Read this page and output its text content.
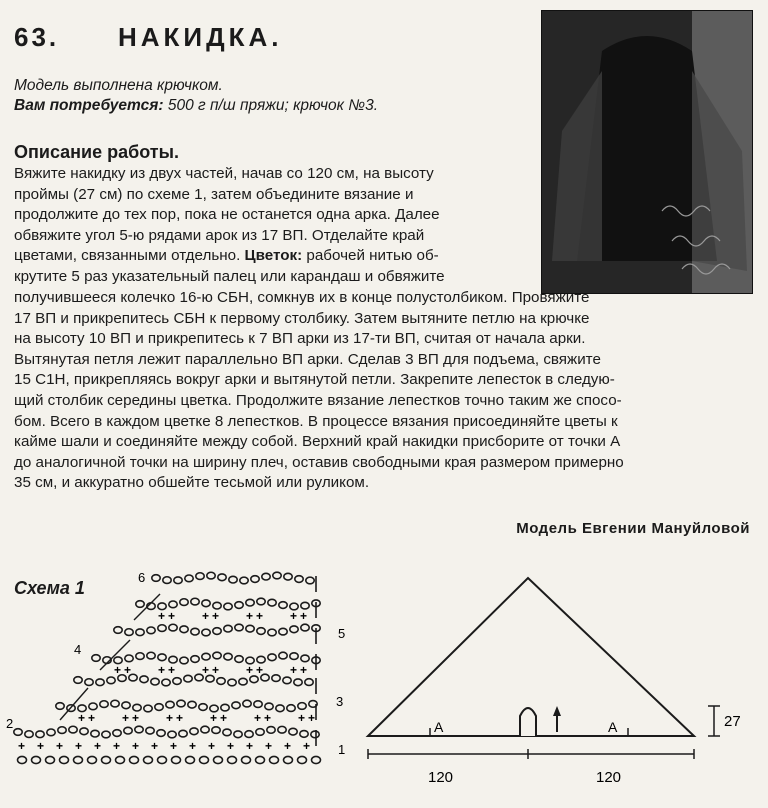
63. НАКИДКА.
Модель выполнена крючком.
Вам потребуется: 500 г п/ш пряжи; крючок №3.
Описание работы.
Вяжите накидку из двух частей, начав со 120 см, на высоту
проймы (27 см) по схеме 1, затем объедините вязание и
продолжите до тех пор, пока не останется одна арка. Далее
обвяжите угол 5-ю рядами арок из 17 ВП. Отделайте край
цветами, связанными отдельно. Цветок: рабочей нитью об-
крутите 5 раз указательный палец или карандаш и обвяжите
получившееся колечко 16-ю СБН, сомкнув их в конце полустолбиком. Провяжите
17 ВП и прикрепитесь СБН к первому столбику. Затем вытяните петлю на крючке
на высоту 10 ВП и прикрепитесь к 7 ВП арки из 17-ти ВП, считая от начала арки.
Вытянутая петля лежит параллельно ВП арки. Сделав 3 ВП для подъема, свяжите
15 С1Н, прикрепляясь вокруг арки и вытянутой петли. Закрепите лепесток в следую-
щий столбик середины цветка. Продолжите вязание лепестков точно таким же спосо-
бом. Всего в каждом цветке 8 лепестков. В процессе вязания присоединяйте цветы к
кайме шали и соединяйте между собой. Верхний край накидки присборите от точки А
до аналогичной точки на ширину плеч, оставив свободными края размером примерно
35 см, и аккуратно обшейте тесьмой или руликом.
Модель Евгении Мануйловой
Схема 1
+ + + + + + + + + + + + + + + +
+ + + + + + + + + + + +
+ + + + + + + + + +
+ + + + + + + +
1
2
3
4
5
6
A	A	27
120	120
